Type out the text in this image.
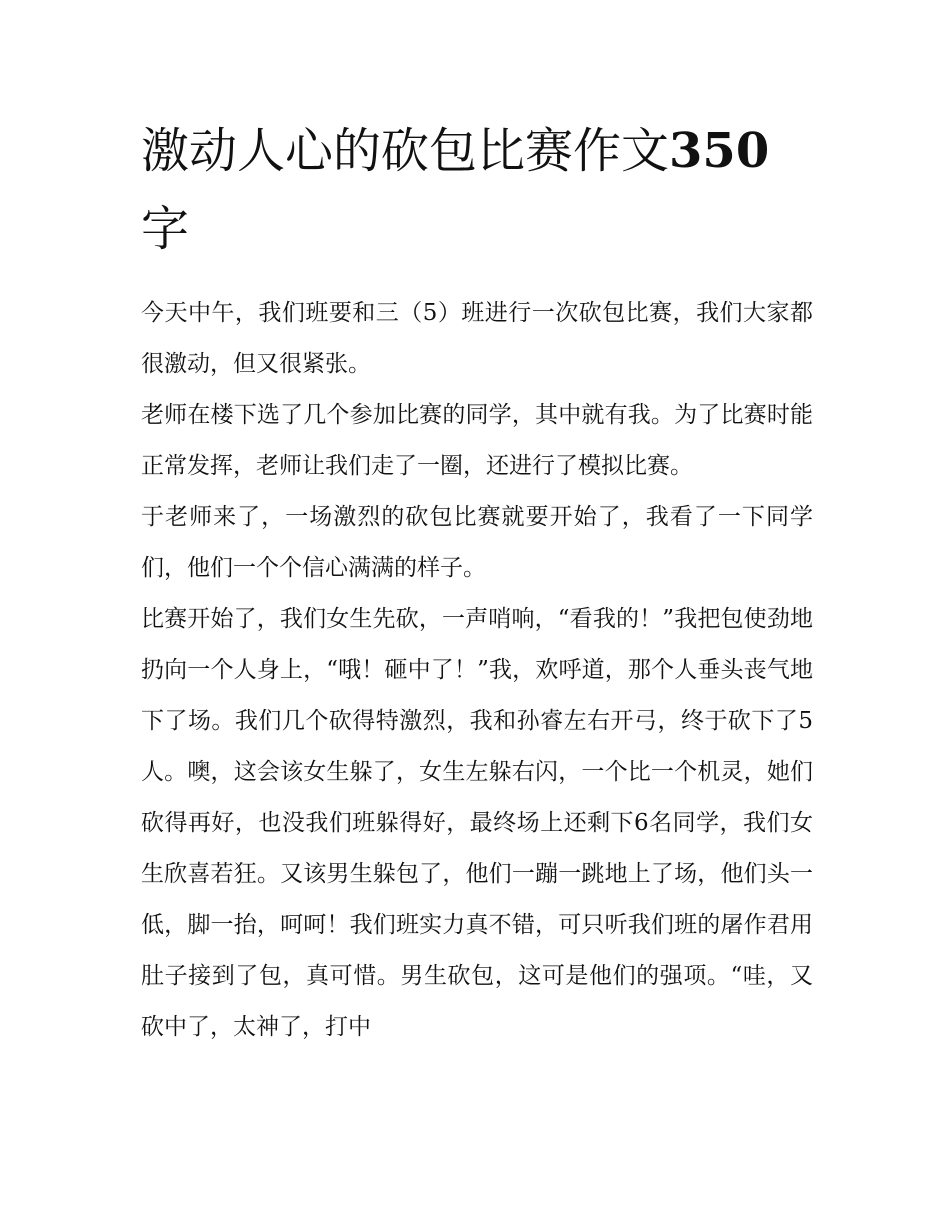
激动人心的砍包比赛作文350
字

今天中午，我们班要和三（5）班进行一次砍包比赛，我们大家都很激动，但又很紧张。

老师在楼下选了几个参加比赛的同学，其中就有我。为了比赛时能正常发挥，老师让我们走了一圈，还进行了模拟比赛。

于老师来了，一场激烈的砍包比赛就要开始了，我看了一下同学们，他们一个个信心满满的样子。

比赛开始了，我们女生先砍，一声哨响，“看我的！”我把包使劲地扔向一个人身上，“哦！砸中了！”我，欢呼道，那个人垂头丧气地下了场。我们几个砍得特激烈，我和孙睿左右开弓，终于砍下了5人。噢，这会该女生躲了，女生左躲右闪，一个比一个机灵，她们砍得再好，也没我们班躲得好，最终场上还剩下6名同学，我们女生欣喜若狂。又该男生躲包了，他们一蹦一跳地上了场，他们头一低，脚一抬，呵呵！我们班实力真不错，可只听我们班的屠作君用肚子接到了包，真可惜。男生砍包，这可是他们的强项。“哇，又砍中了，太神了，打中
